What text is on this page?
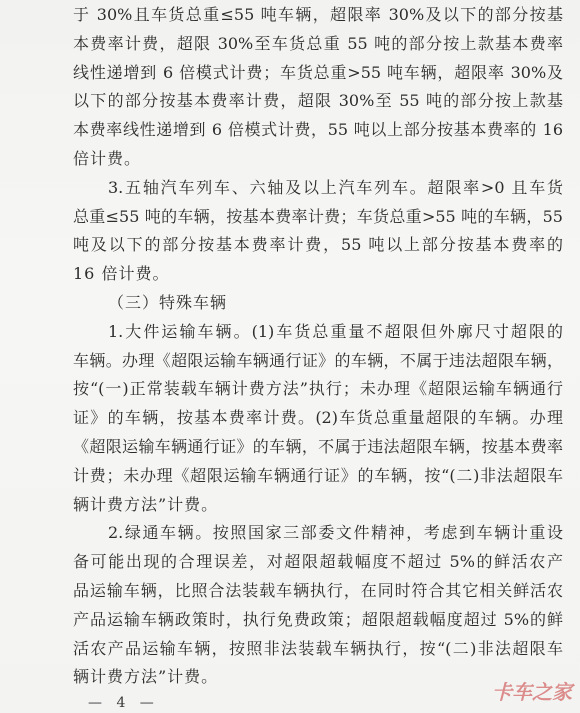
于 30%且车货总重≤55 吨车辆，超限率 30%及以下的部分按基
本费率计费，超限 30%至车货总重 55 吨的部分按上款基本费率
线性递增到 6 倍模式计费；车货总重>55 吨车辆，超限率 30%及
以下的部分按基本费率计费，超限 30%至 55 吨的部分按上款基
本费率线性递增到 6 倍模式计费，55 吨以上部分按基本费率的 16
倍计费。
3.五轴汽车列车、六轴及以上汽车列车。超限率>0 且车货
总重≤55 吨的车辆，按基本费率计费；车货总重>55 吨的车辆，55
吨及以下的部分按基本费率计费，55 吨以上部分按基本费率的
16 倍计费。
（三）特殊车辆
1.大件运输车辆。(1)车货总重量不超限但外廓尺寸超限的
车辆。办理《超限运输车辆通行证》的车辆，不属于违法超限车辆，
按“(一)正常装载车辆计费方法”执行；未办理《超限运输车辆通行
证》的车辆，按基本费率计费。(2)车货总重量超限的车辆。办理
《超限运输车辆通行证》的车辆，不属于违法超限车辆，按基本费率
计费；未办理《超限运输车辆通行证》的车辆，按“(二)非法超限车
辆计费方法”计费。
2.绿通车辆。按照国家三部委文件精神，考虑到车辆计重设
备可能出现的合理误差，对超限超载幅度不超过 5%的鲜活农产
品运输车辆，比照合法装载车辆执行，在同时符合其它相关鲜活农
产品运输车辆政策时，执行免费政策；超限超载幅度超过 5%的鲜
活农产品运输车辆，按照非法装载车辆执行，按“(二)非法超限车
辆计费方法”计费。
— 4 —	卡车之家
